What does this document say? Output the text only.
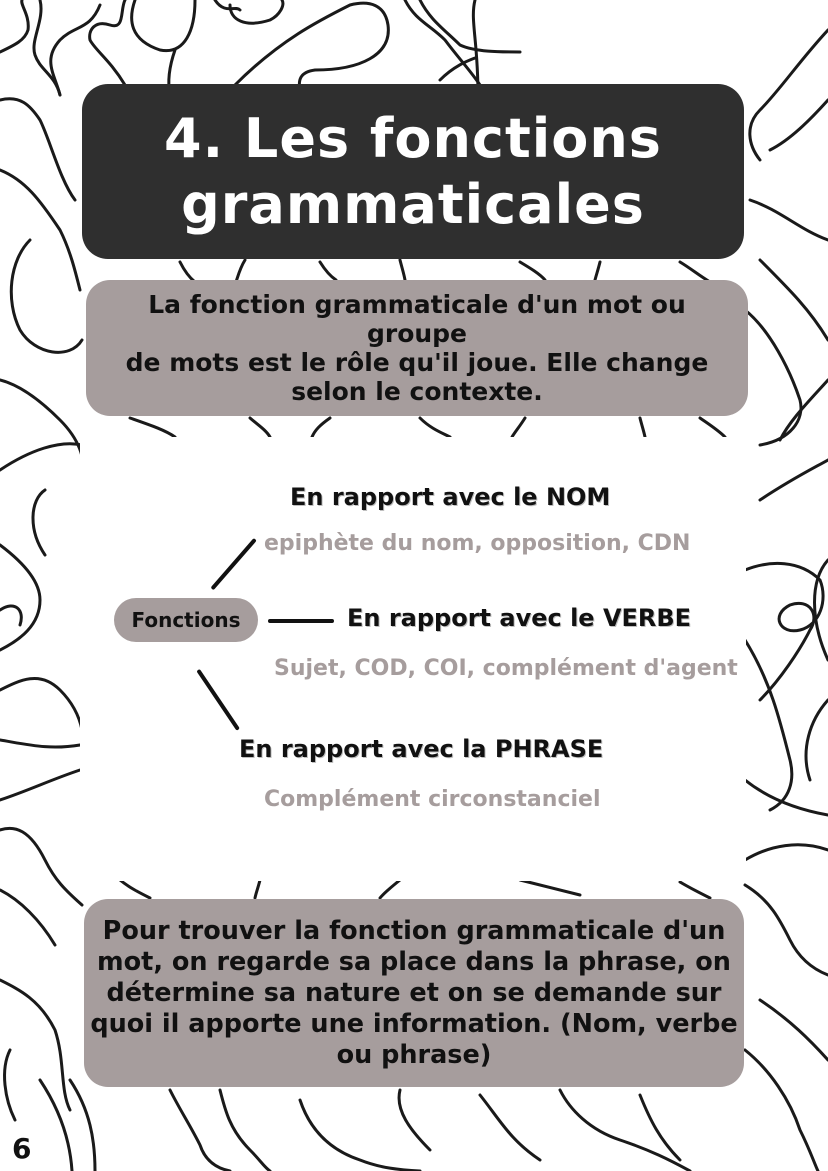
4. Les fonctions
grammaticales
La fonction grammaticale d'un mot ou
groupe
de mots est le rôle qu'il joue. Elle change
selon le contexte.
Fonctions
En rapport avec le NOM
epiphète du nom, opposition, CDN
En rapport avec le VERBE
Sujet, COD, COI, complément d'agent
En rapport avec la PHRASE
Complément circonstanciel
Pour trouver la fonction grammaticale d'un
mot, on regarde sa place dans la phrase, on
détermine sa nature et on se demande sur
quoi il apporte une information. (Nom, verbe
ou phrase)
6
